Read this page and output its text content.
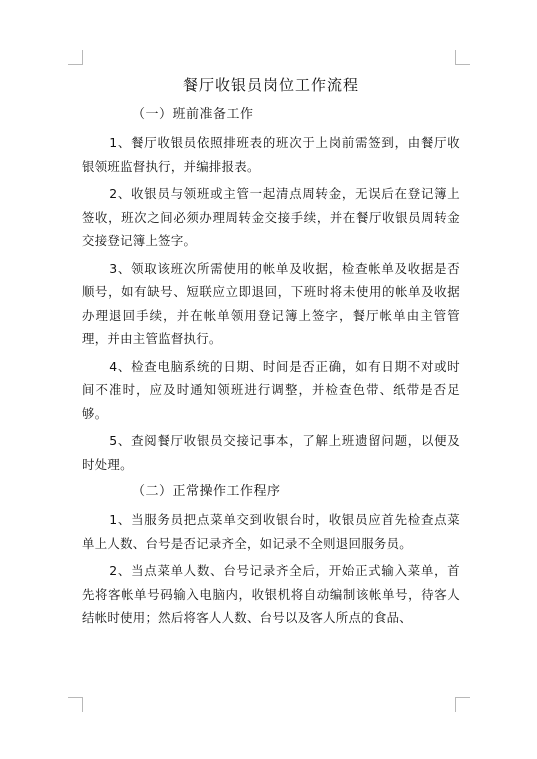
餐厅收银员岗位工作流程
（一）班前准备工作

1、餐厅收银员依照排班表的班次于上岗前需签到，由餐厅收银领班监督执行，并编排报表。

2、收银员与领班或主管一起清点周转金，无误后在登记簿上签收，班次之间必须办理周转金交接手续，并在餐厅收银员周转金交接登记簿上签字。

3、领取该班次所需使用的帐单及收据，检查帐单及收据是否顺号，如有缺号、短联应立即退回，下班时将未使用的帐单及收据办理退回手续，并在帐单领用登记簿上签字，餐厅帐单由主管管理，并由主管监督执行。

4、检查电脑系统的日期、时间是否正确，如有日期不对或时间不准时，应及时通知领班进行调整，并检查色带、纸带是否足够。

5、查阅餐厅收银员交接记事本，了解上班遗留问题，以便及时处理。

（二）正常操作工作程序

1、当服务员把点菜单交到收银台时，收银员应首先检查点菜单上人数、台号是否记录齐全，如记录不全则退回服务员。

2、当点菜单人数、台号记录齐全后，开始正式输入菜单，首先将客帐单号码输入电脑内，收银机将自动编制该帐单号，待客人结帐时使用；然后将客人人数、台号以及客人所点的食品、
